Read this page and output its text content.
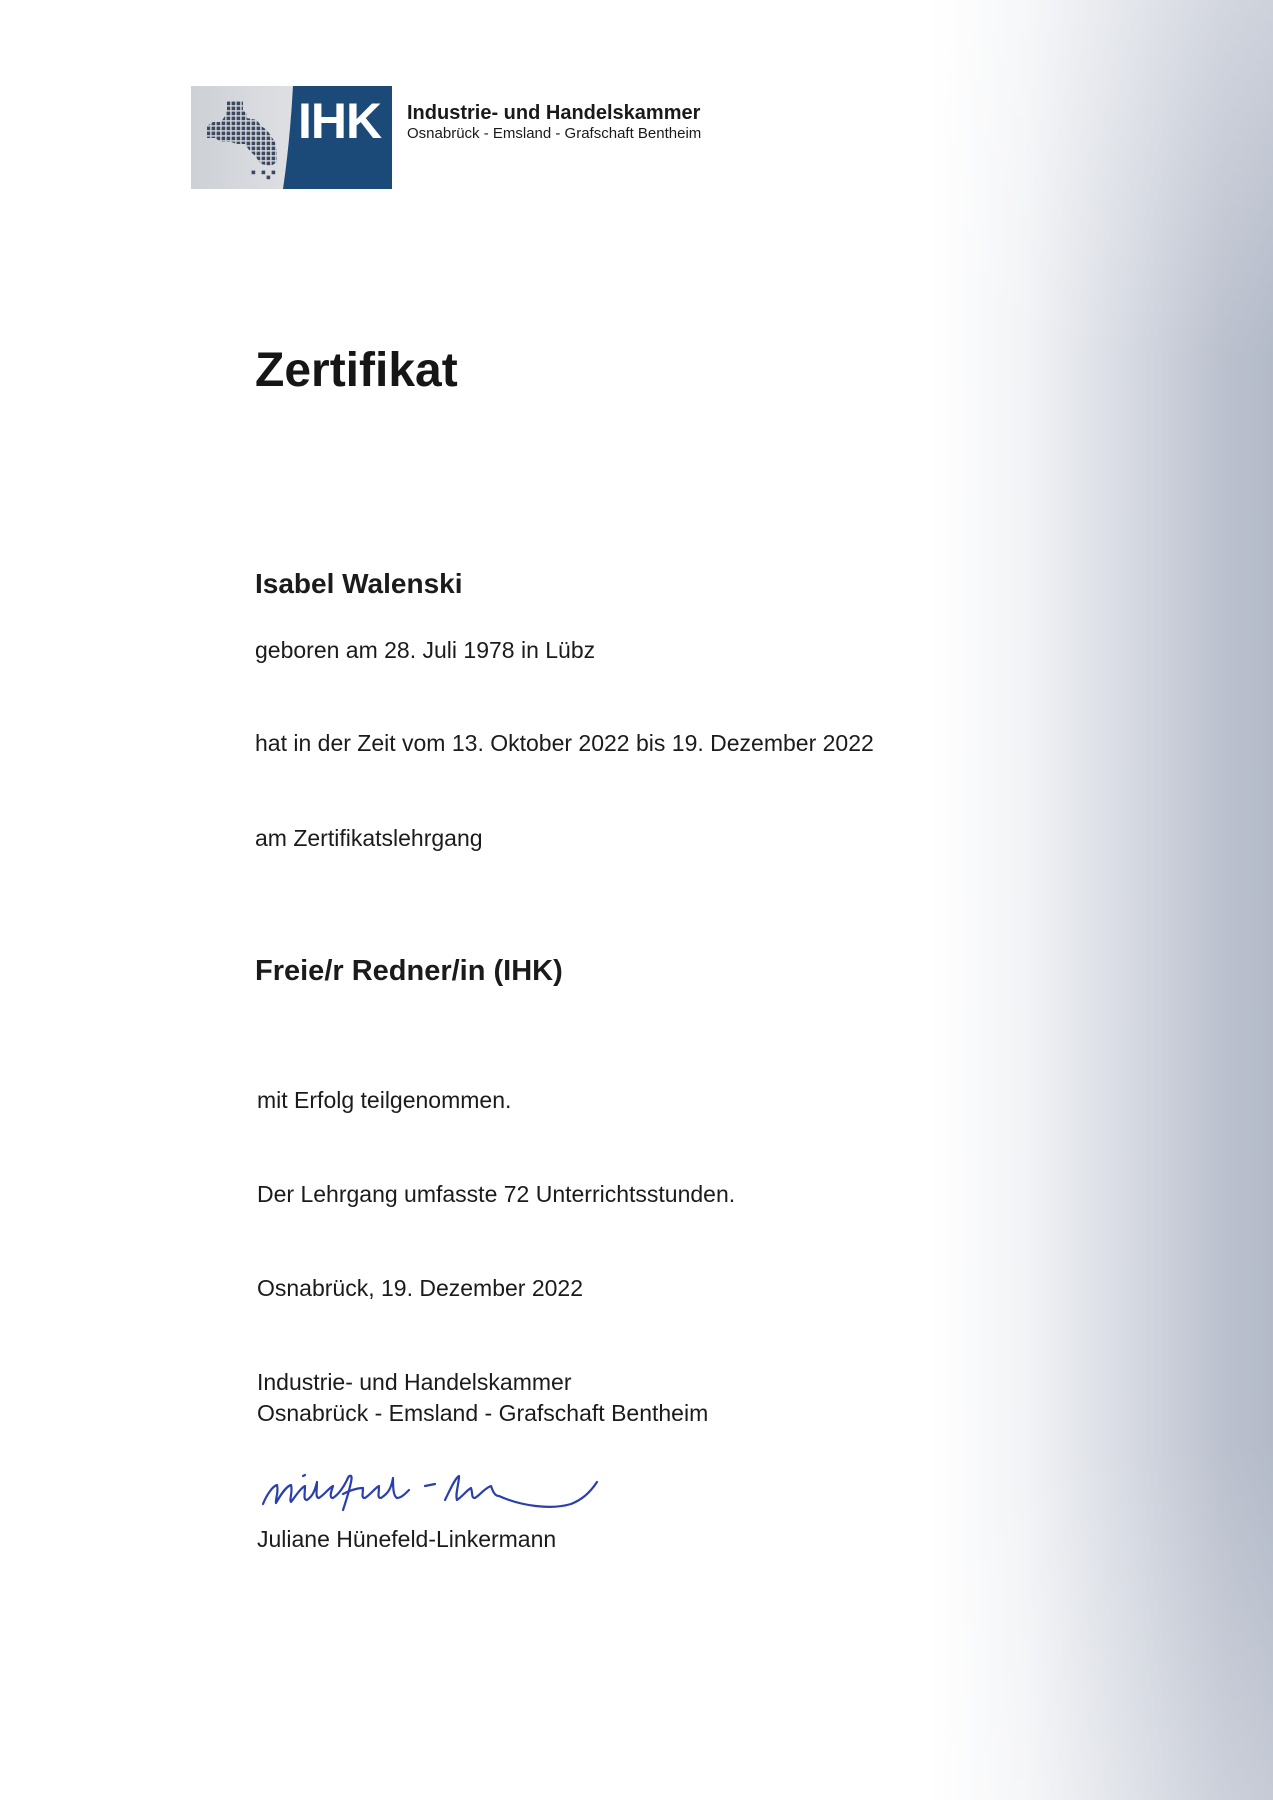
IHK Industrie- und Handelskammer
Osnabrück - Emsland - Grafschaft Bentheim
Zertifikat
Isabel Walenski
geboren am 28. Juli 1978 in Lübz
hat in der Zeit vom 13. Oktober 2022 bis 19. Dezember 2022
am Zertifikatslehrgang
Freie/r Redner/in (IHK)
mit Erfolg teilgenommen.
Der Lehrgang umfasste 72 Unterrichtsstunden.
Osnabrück, 19. Dezember 2022
Industrie- und Handelskammer
Osnabrück - Emsland - Grafschaft Bentheim
Juliane Hünefeld-Linkermann
